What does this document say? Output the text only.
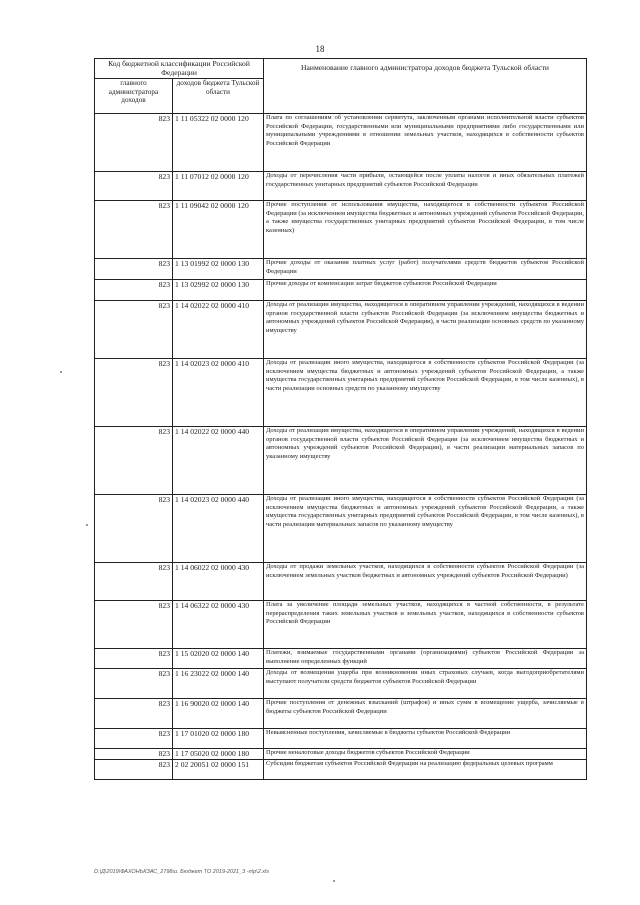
18
Код бюджетной классификации Российской Федерации		Наименование главного администратора доходов бюджета Тульской области
главного администратора доходов	доходов бюджета Тульской области	
823	1 11 05322 02 0000 120	Плата по соглашениям об установлении сервитута, заключенным органами исполнительной власти субъектов Российской Федерации, государственными или муниципальными предприятиями либо государственными или муниципальными учреждениями в отношении земельных участков, находящихся в собственности субъектов Российской Федерации
823	1 11 07012 02 0000 120	Доходы от перечисления части прибыли, остающейся после уплаты налогов и иных обязательных платежей государственных унитарных предприятий субъектов Российской Федерации
823	1 11 09042 02 0000 120	Прочие поступления от использования имущества, находящегося в собственности субъектов Российской Федерации (за исключением имущества бюджетных и автономных учреждений субъектов Российской Федерации, а также имущества государственных унитарных предприятий субъектов Российской Федерации, в том числе казенных)
823	1 13 01992 02 0000 130	Прочие доходы от оказания платных услуг (работ) получателями средств бюджетов субъектов Российской Федерации
823	1 13 02992 02 0000 130	Прочие доходы от компенсации затрат бюджетов субъектов Российской Федерации
823	1 14 02022 02 0000 410	Доходы от реализации имущества, находящегося в оперативном управлении учреждений, находящихся в ведении органов государственной власти субъектов Российской Федерации (за исключением имущества бюджетных и автономных учреждений субъектов Российской Федерации), в части реализации основных средств по указанному имуществу
823	1 14 02023 02 0000 410	Доходы от реализации иного имущества, находящегося в собственности субъектов Российской Федерации (за исключением имущества бюджетных и автономных учреждений субъектов Российской Федерации, а также имущества государственных унитарных предприятий субъектов Российской Федерации, в том числе казенных), в части реализации основных средств по указанному имуществу
823	1 14 02022 02 0000 440	Доходы от реализации имущества, находящегося в оперативном управлении учреждений, находящихся в ведении органов государственной власти субъектов Российской Федерации (за исключением имущества бюджетных и автономных учреждений субъектов Российской Федерации), в части реализации материальных запасов по указанному имуществу
823	1 14 02023 02 0000 440	Доходы от реализации иного имущества, находящегося в собственности субъектов Российской Федерации (за исключением имущества бюджетных и автономных учреждений субъектов Российской Федерации, а также имущества государственных унитарных предприятий субъектов Российской Федерации, в том числе казенных), в части реализации материальных запасов по указанному имуществу
823	1 14 06022 02 0000 430	Доходы от продажи земельных участков, находящихся в собственности субъектов Российской Федерации (за исключением земельных участков бюджетных и автономных учреждений субъектов Российской Федерации)
823	1 14 06322 02 0000 430	Плата за увеличение площади земельных участков, находящихся в частной собственности, в результате перераспределения таких земельных участков и земельных участков, находящихся в собственности субъектов Российской Федерации
823	1 15 02020 02 0000 140	Платежи, взимаемые государственными органами (организациями) субъектов Российской Федерации за выполнение определенных функций
823	1 16 23022 02 0000 140	Доходы от возмещения ущерба при возникновении иных страховых случаев, когда выгодоприобретателями выступают получатели средств бюджетов субъектов Российской Федерации
823	1 16 90020 02 0000 140	Прочие поступления от денежных взысканий (штрафов) и иных сумм в возмещение ущерба, зачисляемые в бюджеты субъектов Российской Федерации
823	1 17 01020 02 0000 180	Невыясненные поступления, зачисляемые в бюджеты субъектов Российской Федерации
823	1 17 05020 02 0000 180	Прочие неналоговые доходы бюджетов субъектов Российской Федерации
823	2 02 20051 02 0000 151	Субсидии бюджетам субъектов Российской Федерации на реализацию федеральных целевых программ
D:\Д\2019\ФАХОНЬКЗАС_2798ш. Бюджет ТО 2019-2021_3 -п\р\2.xls
